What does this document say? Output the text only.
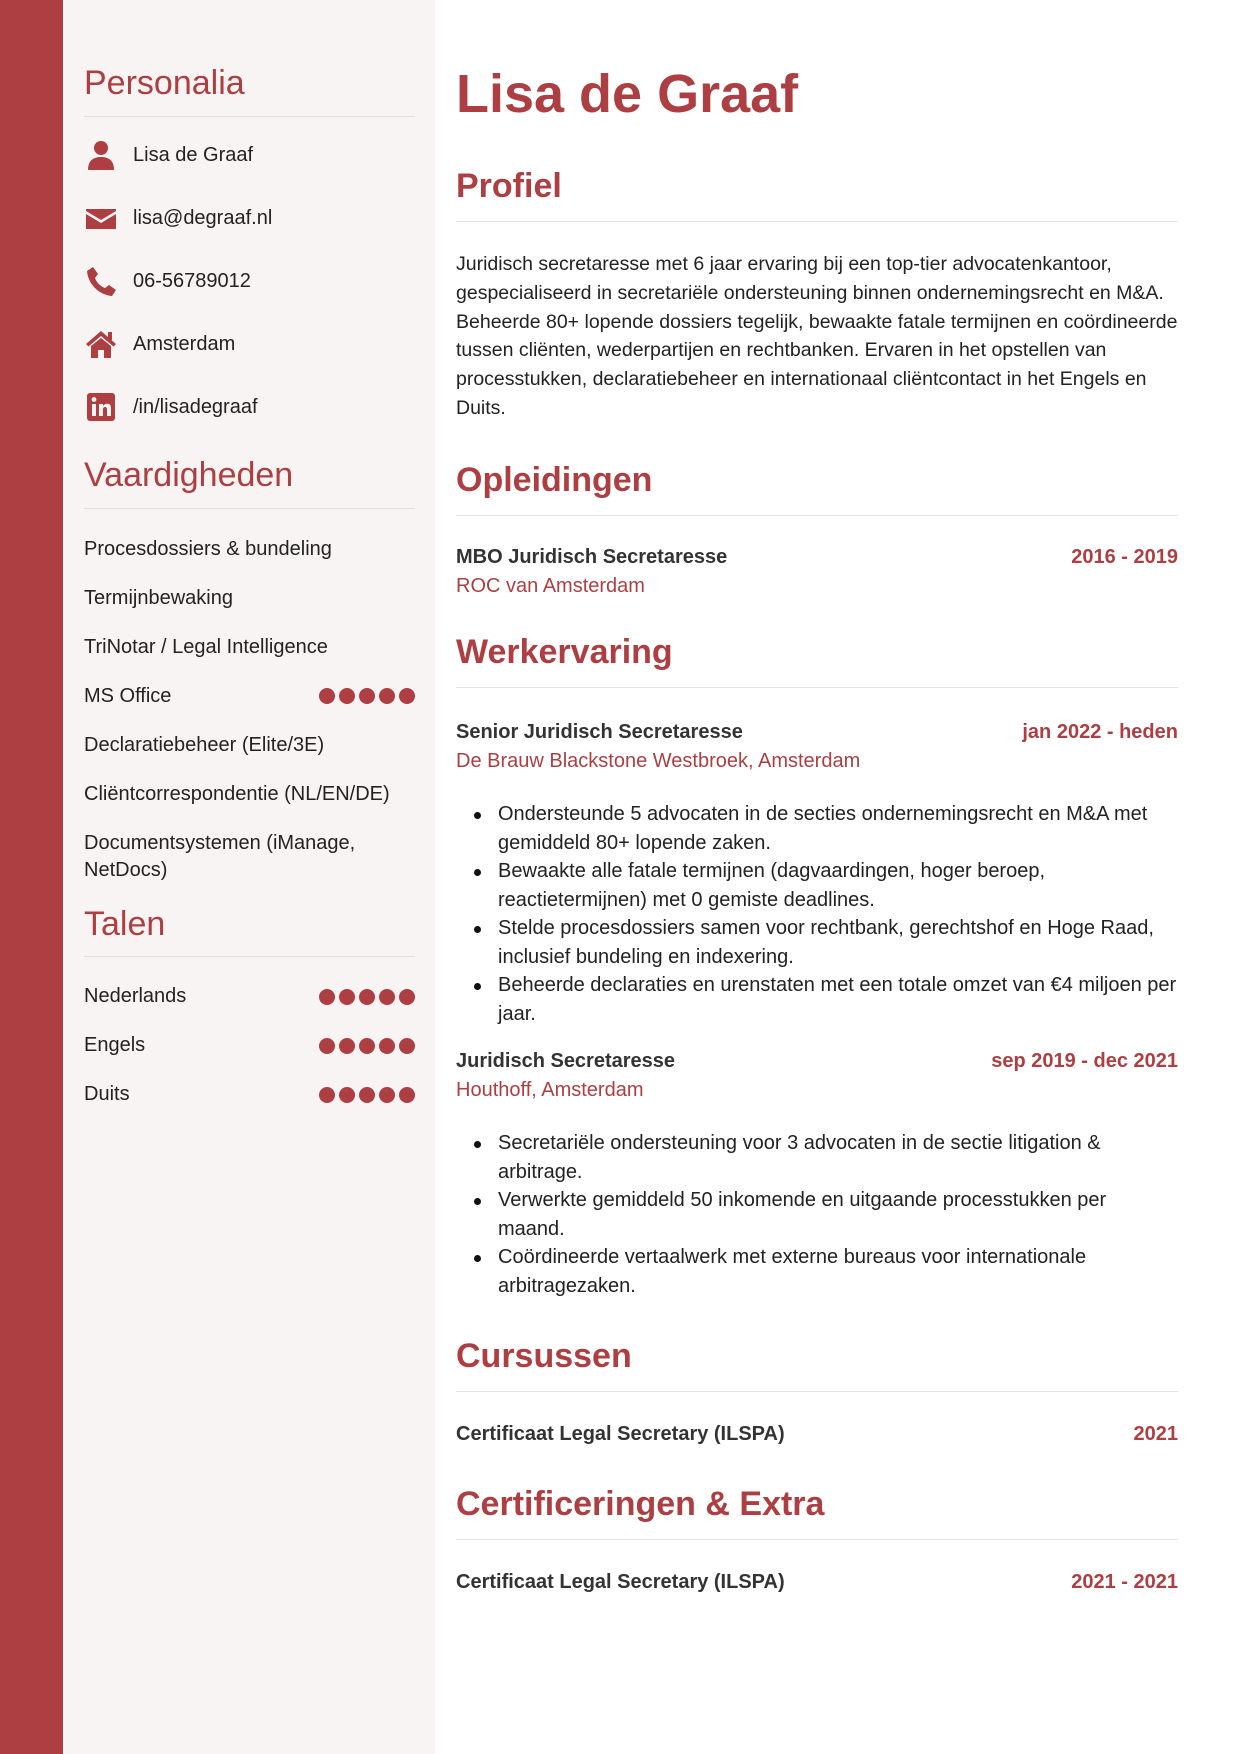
Personalia
Lisa de Graaf
lisa@degraaf.nl
06-56789012
Amsterdam
/in/lisadegraaf
Vaardigheden
Procesdossiers & bundeling
Termijnbewaking
TriNotar / Legal Intelligence
MS Office
Declaratiebeheer (Elite/3E)
Cliëntcorrespondentie (NL/EN/DE)
Documentsystemen (iManage, NetDocs)
Talen
Nederlands
Engels
Duits
Lisa de Graaf
Profiel

Juridisch secretaresse met 6 jaar ervaring bij een top-tier advocatenkantoor, gespecialiseerd in secretariële ondersteuning binnen ondernemingsrecht en M&A. Beheerde 80+ lopende dossiers tegelijk, bewaakte fatale termijnen en coördineerde tussen cliënten, wederpartijen en rechtbanken. Ervaren in het opstellen van processtukken, declaratiebeheer en internationaal cliëntcontact in het Engels en Duits.

Opleidingen
MBO Juridisch Secretaresse	2016 - 2019
ROC van Amsterdam
Werkervaring
Senior Juridisch Secretaresse	jan 2022 - heden
De Brauw Blackstone Westbroek, Amsterdam
Ondersteunde 5 advocaten in de secties ondernemingsrecht en M&A met gemiddeld 80+ lopende zaken.
Bewaakte alle fatale termijnen (dagvaardingen, hoger beroep, reactietermijnen) met 0 gemiste deadlines.
Stelde procesdossiers samen voor rechtbank, gerechtshof en Hoge Raad, inclusief bundeling en indexering.
Beheerde declaraties en urenstaten met een totale omzet van €4 miljoen per jaar.
Juridisch Secretaresse	sep 2019 - dec 2021
Houthoff, Amsterdam
Secretariële ondersteuning voor 3 advocaten in de sectie litigation & arbitrage.
Verwerkte gemiddeld 50 inkomende en uitgaande processtukken per maand.
Coördineerde vertaalwerk met externe bureaus voor internationale arbitragezaken.
Cursussen
Certificaat Legal Secretary (ILSPA)	2021
Certificeringen & Extra
Certificaat Legal Secretary (ILSPA)	2021 - 2021
